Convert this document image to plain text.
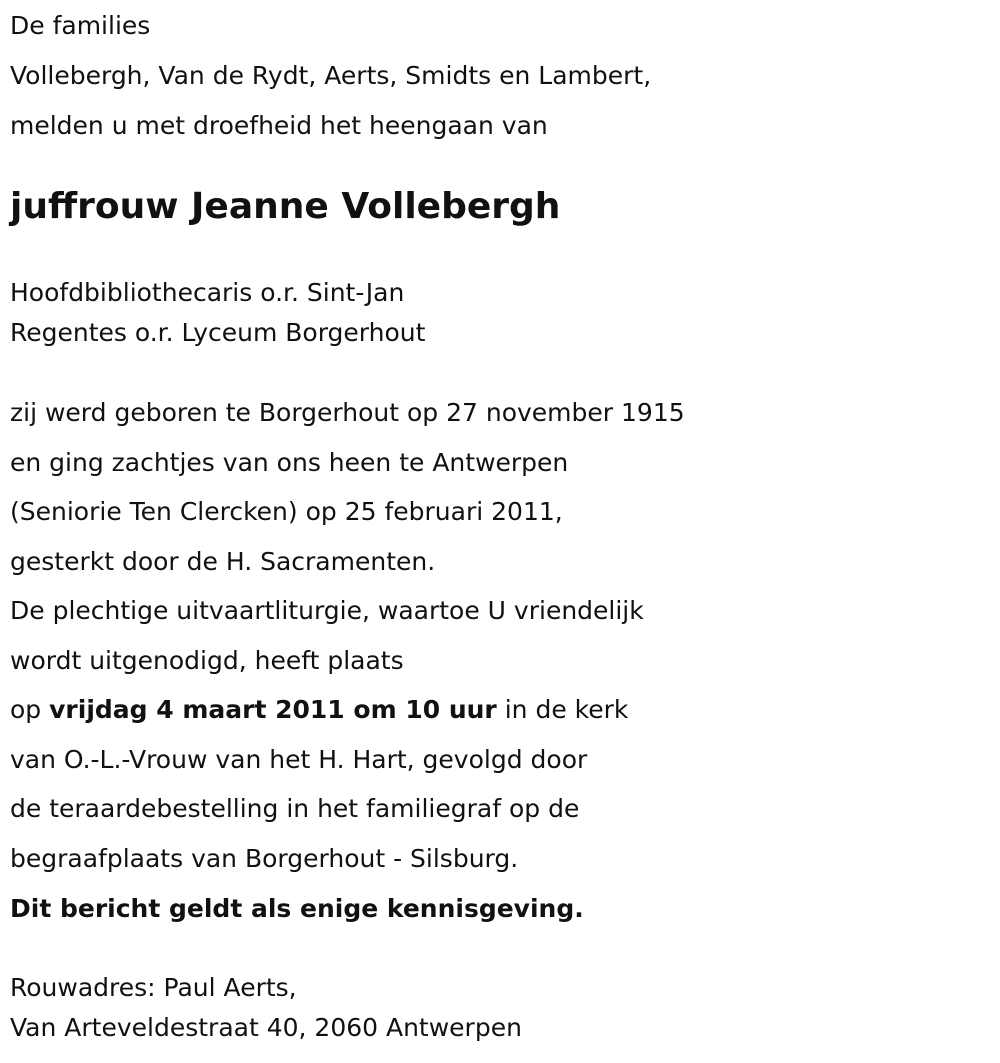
De families

Vollebergh, Van de Rydt, Aerts, Smidts en Lambert,

melden u met droefheid het heengaan van

juffrouw Jeanne Vollebergh

Hoofdbibliothecaris o.r. Sint-Jan

Regentes o.r. Lyceum Borgerhout

zij werd geboren te Borgerhout op 27 november 1915

en ging zachtjes van ons heen te Antwerpen

(Seniorie Ten Clercken) op 25 februari 2011,

gesterkt door de H. Sacramenten.

De plechtige uitvaartliturgie, waartoe U vriendelijk

wordt uitgenodigd, heeft plaats

op vrijdag 4 maart 2011 om 10 uur in de kerk

van O.-L.-Vrouw van het H. Hart, gevolgd door

de teraardebestelling in het familiegraf op de

begraafplaats van Borgerhout - Silsburg.

Dit bericht geldt als enige kennisgeving.

Rouwadres: Paul Aerts,

Van Arteveldestraat 40, 2060 Antwerpen
